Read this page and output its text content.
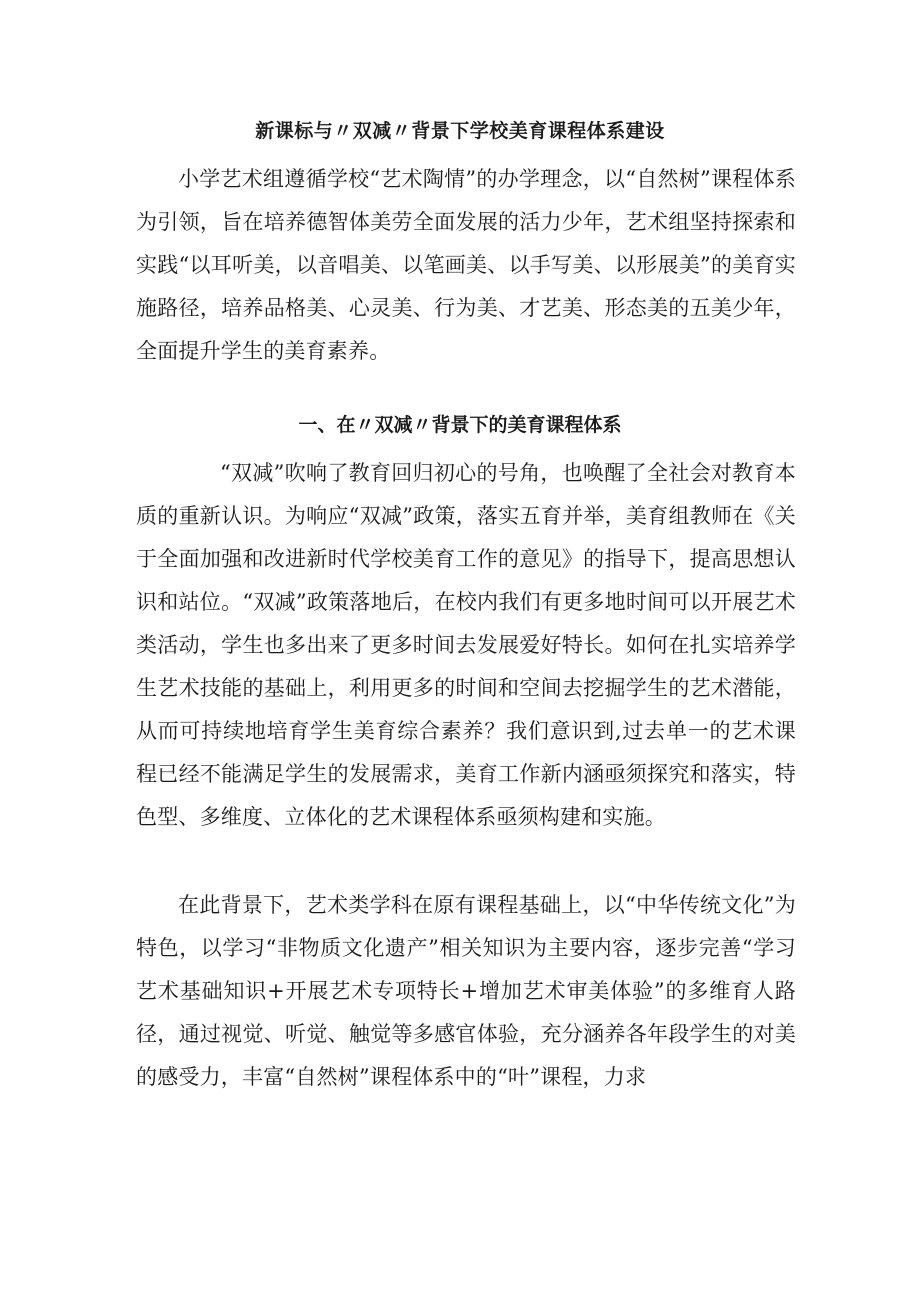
新课标与〃双减〃背景下学校美育课程体系建设

小学艺术组遵循学校“艺术陶情”的办学理念，以“自然树”课程体系为引领，旨在培养德智体美劳全面发展的活力少年，艺术组坚持探索和实践“以耳听美，以音唱美、以笔画美、以手写美、以形展美”的美育实施路径，培养品格美、心灵美、行为美、才艺美、形态美的五美少年，全面提升学生的美育素养。

一、在〃双减〃背景下的美育课程体系

“双减”吹响了教育回归初心的号角，也唤醒了全社会对教育本质的重新认识。为响应“双减”政策，落实五育并举，美育组教师在《关于全面加强和改进新时代学校美育工作的意见》的指导下，提高思想认识和站位。“双减”政策落地后，在校内我们有更多地时间可以开展艺术类活动，学生也多出来了更多时间去发展爱好特长。如何在扎实培养学生艺术技能的基础上，利用更多的时间和空间去挖掘学生的艺术潜能，从而可持续地培育学生美育综合素养？我们意识到,过去单一的艺术课程已经不能满足学生的发展需求，美育工作新内涵亟须探究和落实，特色型、多维度、立体化的艺术课程体系亟须构建和实施。

在此背景下，艺术类学科在原有课程基础上，以“中华传统文化”为特色，以学习“非物质文化遗产”相关知识为主要内容，逐步完善“学习艺术基础知识+开展艺术专项特长+增加艺术审美体验”的多维育人路径，通过视觉、听觉、触觉等多感官体验，充分涵养各年段学生的对美的感受力，丰富“自然树”课程体系中的“叶”课程，力求
